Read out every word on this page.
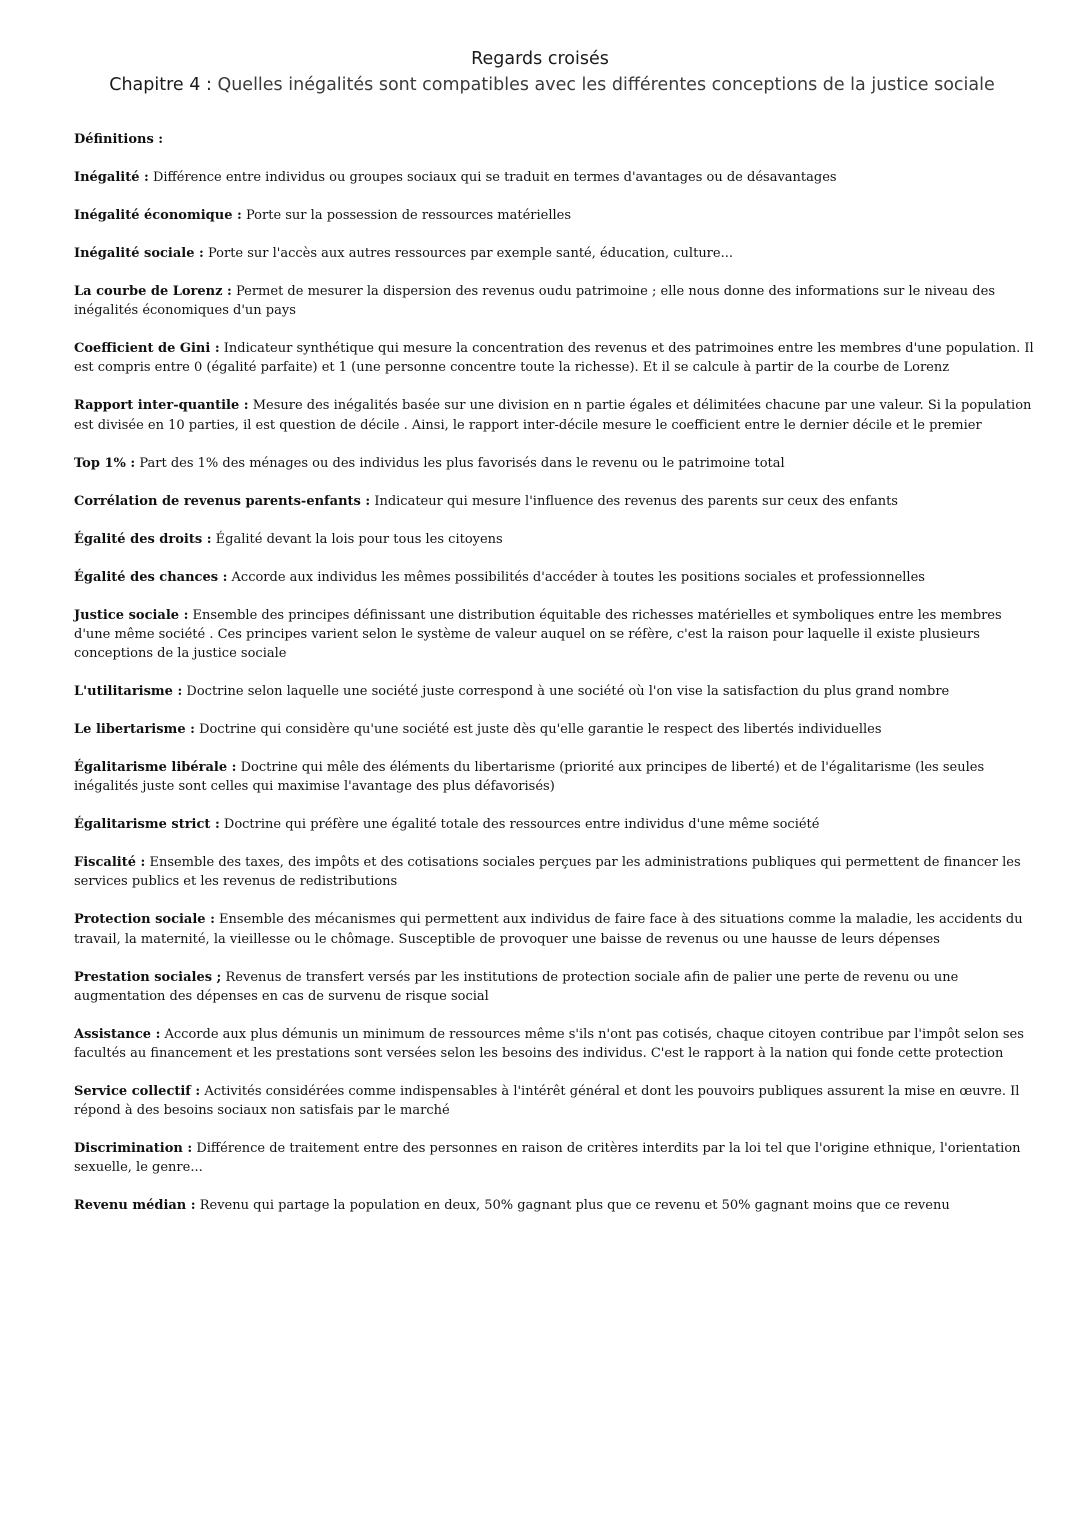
Regards croisés
Chapitre 4 : Quelles inégalités sont compatibles avec les différentes conceptions de la justice sociale

Définitions :

Inégalité : Différence entre individus ou groupes sociaux qui se traduit en termes d'avantages ou de désavantages

Inégalité économique : Porte sur la possession de ressources matérielles

Inégalité sociale : Porte sur l'accès aux autres ressources par exemple santé, éducation, culture...

La courbe de Lorenz : Permet de mesurer la dispersion des revenus oudu patrimoine ; elle nous donne des informations sur le niveau des inégalités économiques d'un pays

Coefficient de Gini : Indicateur synthétique qui mesure la concentration des revenus et des patrimoines entre les membres d'une population. Il est compris entre 0 (égalité parfaite) et 1 (une personne concentre toute la richesse). Et il se calcule à partir de la courbe de Lorenz

Rapport inter-quantile : Mesure des inégalités basée sur une division en n partie égales et délimitées chacune par une valeur. Si la population est divisée en 10 parties, il est question de décile . Ainsi, le rapport inter-décile mesure le coefficient entre le dernier décile et le premier

Top 1% : Part des 1% des ménages ou des individus les plus favorisés dans le revenu ou le patrimoine total

Corrélation de revenus parents-enfants : Indicateur qui mesure l'influence des revenus des parents sur ceux des enfants

Égalité des droits : Égalité devant la lois pour tous les citoyens

Égalité des chances : Accorde aux individus les mêmes possibilités d'accéder à toutes les positions sociales et professionnelles

Justice sociale : Ensemble des principes définissant une distribution équitable des richesses matérielles et symboliques entre les membres d'une même société . Ces principes varient selon le système de valeur auquel on se réfère, c'est la raison pour laquelle il existe plusieurs conceptions de la justice sociale

L'utilitarisme : Doctrine selon laquelle une société juste correspond à une société où l'on vise la satisfaction du plus grand nombre

Le libertarisme : Doctrine qui considère qu'une société est juste dès qu'elle garantie le respect des libertés individuelles

Égalitarisme libérale : Doctrine qui mêle des éléments du libertarisme (priorité aux principes de liberté) et de l'égalitarisme (les seules inégalités juste sont celles qui maximise l'avantage des plus défavorisés)

Égalitarisme strict : Doctrine qui préfère une égalité totale des ressources entre individus d'une même société

Fiscalité : Ensemble des taxes, des impôts et des cotisations sociales perçues par les administrations publiques qui permettent de financer les services publics et les revenus de redistributions

Protection sociale : Ensemble des mécanismes qui permettent aux individus de faire face à des situations comme la maladie, les accidents du travail, la maternité, la vieillesse ou le chômage. Susceptible de provoquer une baisse de revenus ou une hausse de leurs dépenses

Prestation sociales ; Revenus de transfert versés par les institutions de protection sociale afin de palier une perte de revenu ou une augmentation des dépenses en cas de survenu de risque social

Assistance : Accorde aux plus démunis un minimum de ressources même s'ils n'ont pas cotisés, chaque citoyen contribue par l'impôt selon ses facultés au financement et les prestations sont versées selon les besoins des individus. C'est le rapport à la nation qui fonde cette protection

Service collectif : Activités considérées comme indispensables à l'intérêt général et dont les pouvoirs publiques assurent la mise en œuvre. Il répond à des besoins sociaux non satisfais par le marché

Discrimination : Différence de traitement entre des personnes en raison de critères interdits par la loi tel que l'origine ethnique, l'orientation sexuelle, le genre...

Revenu médian : Revenu qui partage la population en deux, 50% gagnant plus que ce revenu et 50% gagnant moins que ce revenu
